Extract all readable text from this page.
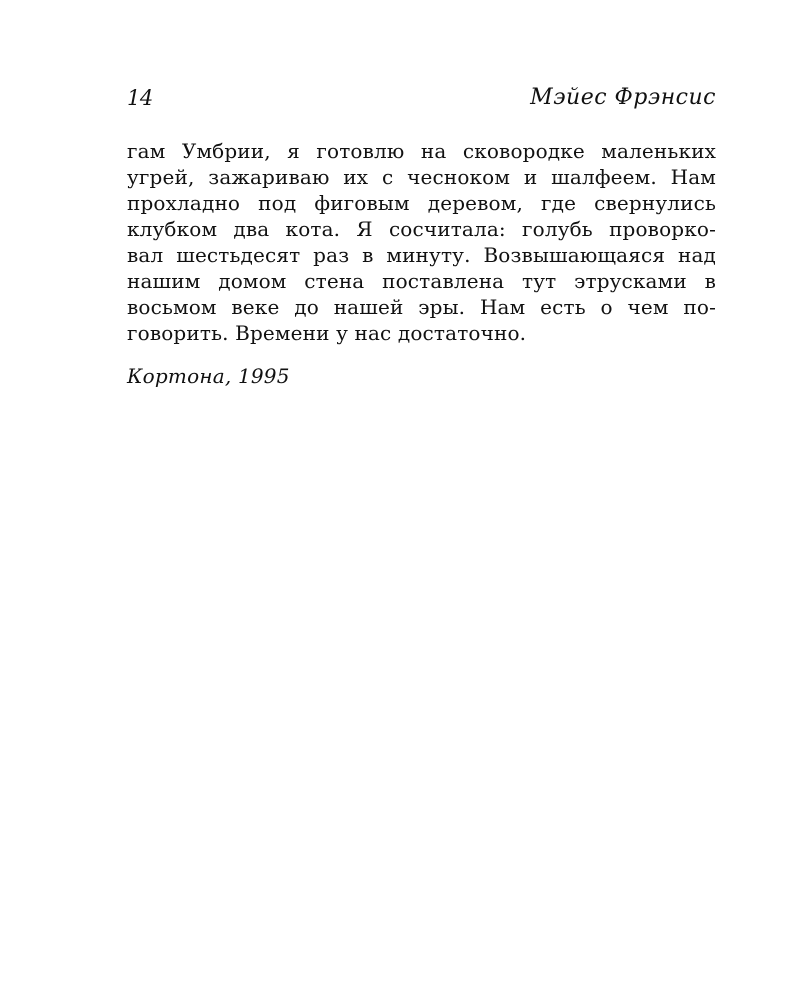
14	Мэйес Фрэнсис

гам Умбрии, я готовлю на сковородке маленьких
угрей, зажариваю их с чесноком и шалфеем. Нам
прохладно под фиговым деревом, где свернулись
клубком два кота. Я сосчитала: голубь проворко-
вал шестьдесят раз в минуту. Возвышающаяся над
нашим домом стена поставлена тут этрусками в
восьмом веке до нашей эры. Нам есть о чем по-
говорить. Времени у нас достаточно.

Кортона, 1995
